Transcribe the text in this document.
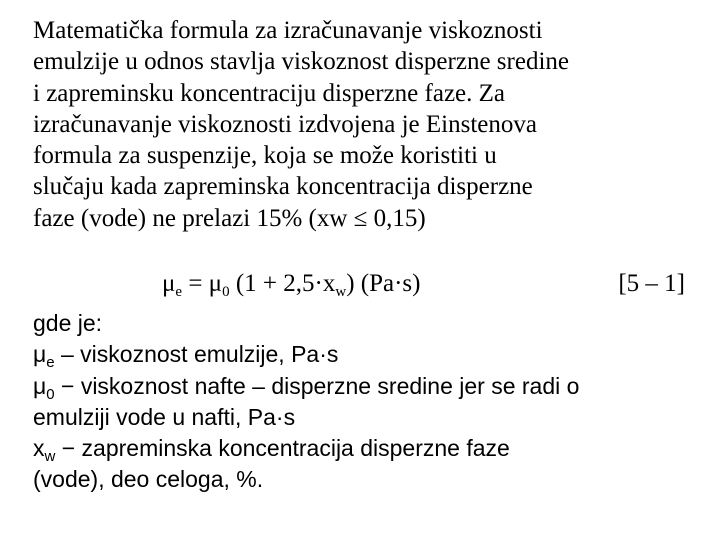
Matematička formula za izračunavanje viskoznosti
emulzije u odnos stavlja viskoznost disperzne sredine
i zapreminsku koncentraciju disperzne faze. Za
izračunavanje viskoznosti izdvojena je Einstenova
formula za suspenzije, koja se može koristiti u
slučaju kada zapreminska koncentracija disperzne
faze (vode) ne prelazi 15% (xw ≤ 0,15)
$\mu_e = \mu_0$ $(1 + 2,5\cdot x_w)$ (Pa·s)	[5 – 1]
gde je:
$\mu_e$ – viskoznost emulzije, Pa·s
$\mu_0$ − viskoznost nafte – disperzne sredine jer se radi o
emulziji vode u nafti, Pa·s
$x_w$ − zapreminska koncentracija disperzne faze
(vode), deo celoga, %.
